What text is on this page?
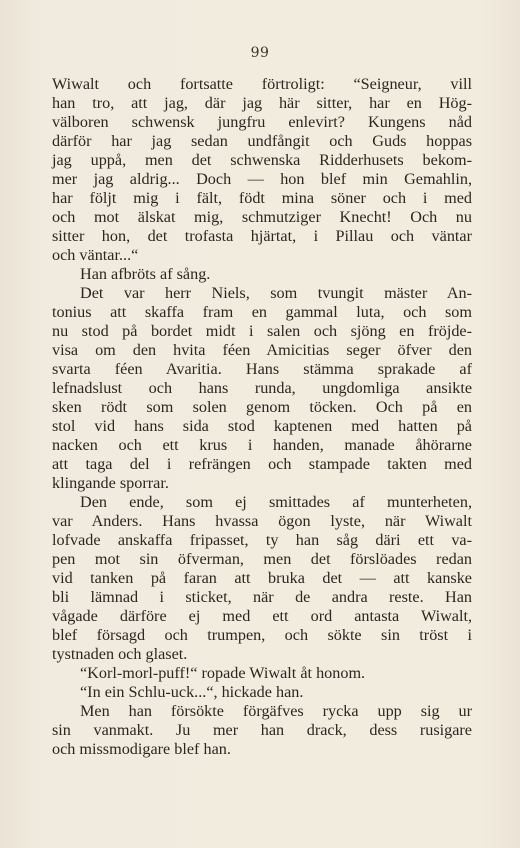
99
Wiwalt och fortsatte förtroligt: “Seigneur, vill
han tro, att jag, där jag här sitter, har en Hög-
välboren schwensk jungfru enlevirt? Kungens nåd
därför har jag sedan undfångit och Guds hoppas
jag uppå, men det schwenska Ridderhusets bekom-
mer jag aldrig... Doch — hon blef min Gemahlin,
har följt mig i fält, födt mina söner och i med
och mot älskat mig, schmutziger Knecht! Och nu
sitter hon, det trofasta hjärtat, i Pillau och väntar
och väntar...“
Han afbröts af sång.
Det var herr Niels, som tvungit mäster An-
tonius att skaffa fram en gammal luta, och som
nu stod på bordet midt i salen och sjöng en fröjde-
visa om den hvita féen Amicitias seger öfver den
svarta féen Avaritia. Hans stämma sprakade af
lefnadslust och hans runda, ungdomliga ansikte
sken rödt som solen genom töcken. Och på en
stol vid hans sida stod kaptenen med hatten på
nacken och ett krus i handen, manade åhörarne
att taga del i refrängen och stampade takten med
klingande sporrar.
Den ende, som ej smittades af munterheten,
var Anders. Hans hvassa ögon lyste, när Wiwalt
lofvade anskaffa fripasset, ty han såg däri ett va-
pen mot sin öfverman, men det förslöades redan
vid tanken på faran att bruka det — att kanske
bli lämnad i sticket, när de andra reste. Han
vågade därföre ej med ett ord antasta Wiwalt,
blef försagd och trumpen, och sökte sin tröst i
tystnaden och glaset.
“Korl-morl-puff!“ ropade Wiwalt åt honom.
“In ein Schlu-uck...“, hickade han.
Men han försökte förgäfves rycka upp sig ur
sin vanmakt. Ju mer han drack, dess rusigare
och missmodigare blef han.
